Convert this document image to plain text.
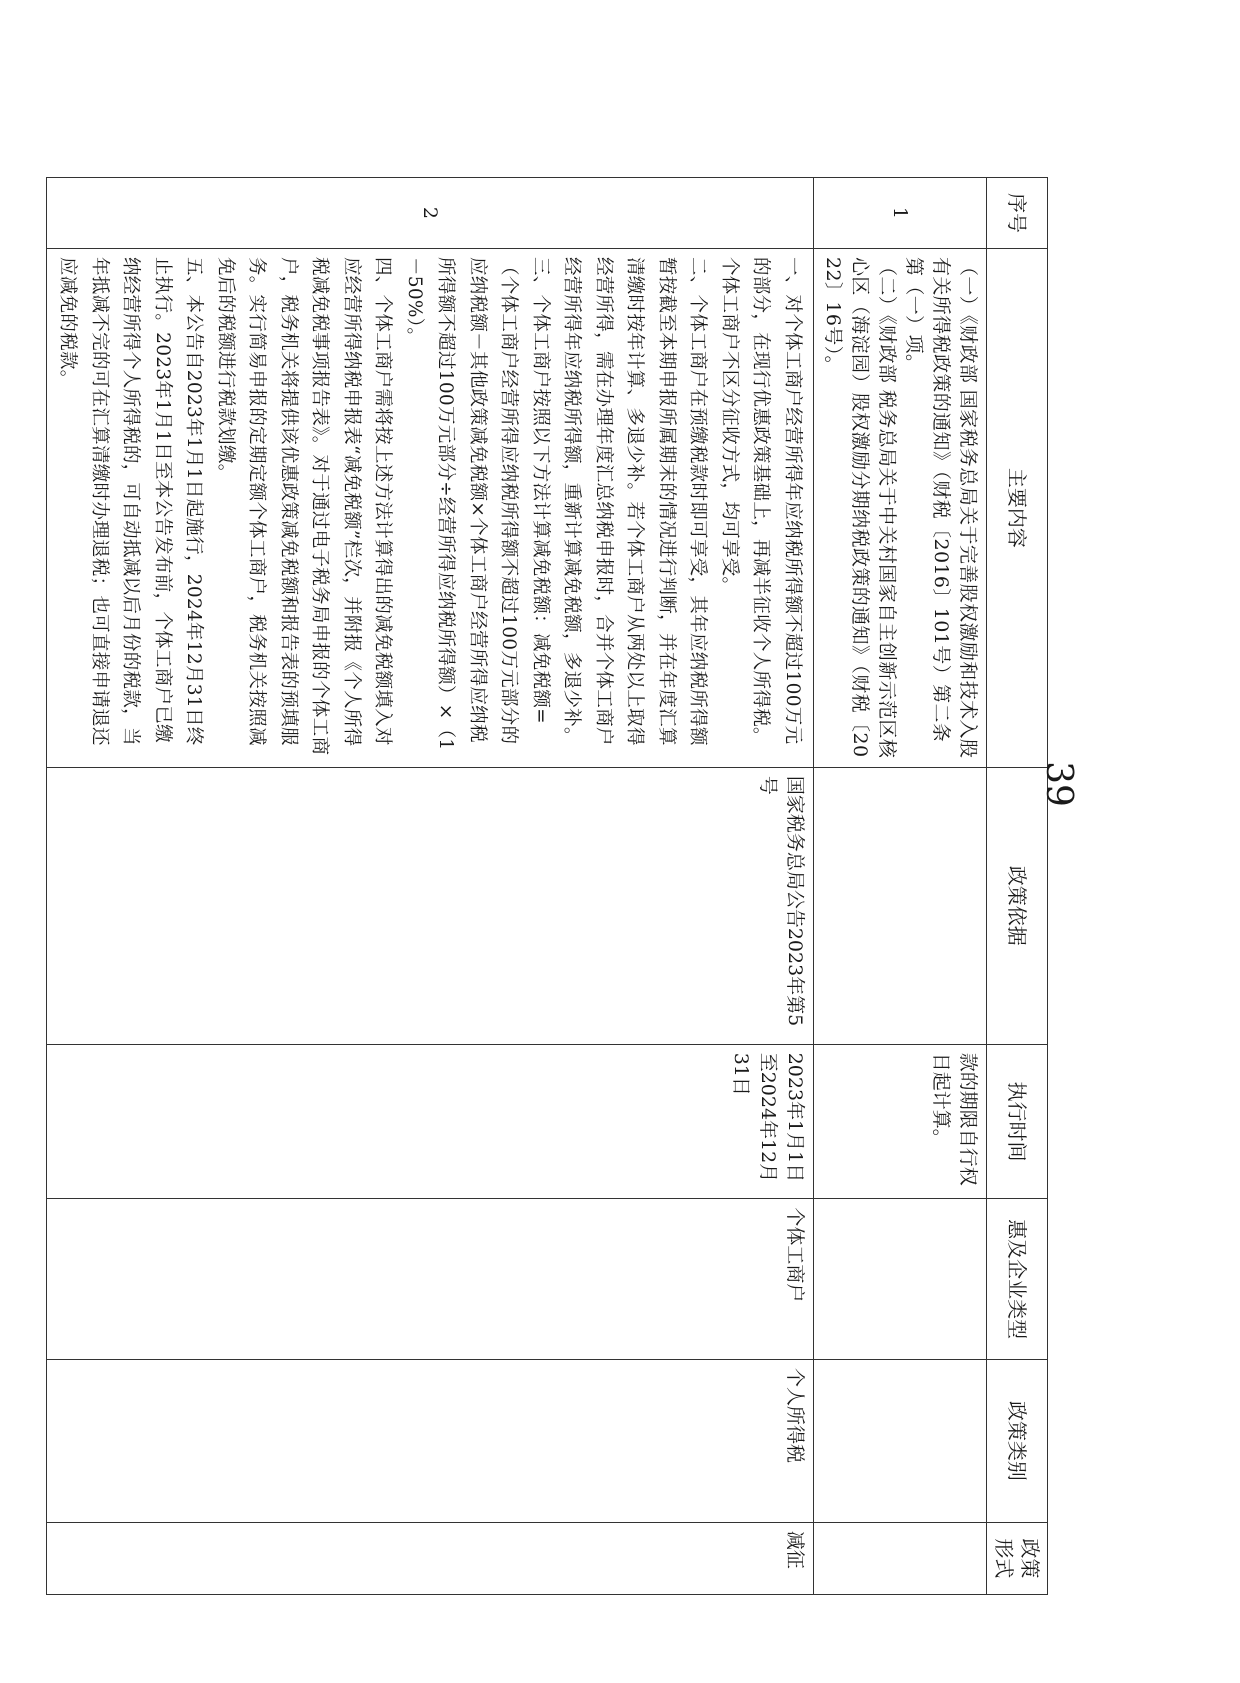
序号	主要内容	政策依据	执行时间	惠及企业类型	政策类别	政策形式
1	（一）《财政部 国家税务总局关于完善股权激励和技术入股有关所得税政策的通知》（财税〔2016〕101号）第二条第（一）项。

（二）《财政部 税务总局关于中关村国家自主创新示范区核心区（海淀园）股权激励分期纳税政策的通知》（财税〔2022〕16号）。		款的期限自行权日起计算。			
2	一、对个体工商户经营所得年应纳税所得额不超过100万元的部分，在现行优惠政策基础上，再减半征收个人所得税。个体工商户不区分征收方式，均可享受。

二、个体工商户在预缴税款时即可享受，其年应纳税所得额暂按截至本期申报所属期末的情况进行判断，并在年度汇算清缴时按年计算、多退少补。若个体工商户从两处以上取得经营所得，需在办理年度汇总纳税申报时，合并个体工商户经营所得年应纳税所得额，重新计算减免税额，多退少补。

三、个体工商户按照以下方法计算减免税额：减免税额=（个体工商户经营所得应纳税所得额不超过100万元部分的应纳税额－其他政策减免税额×个体工商户经营所得应纳税所得额不超过100万元部分÷经营所得应纳税所得额）×（1－50%）。

四、个体工商户需将按上述方法计算得出的减免税额填入对应经营所得纳税申报表“减免税额”栏次，并附报《个人所得税减免税事项报告表》。对于通过电子税务局申报的个体工商户，税务机关将提供该优惠政策减免税额和报告表的预填服务。实行简易申报的定期定额个体工商户，税务机关按照减免后的税额进行税款划缴。

五、本公告自2023年1月1日起施行，2024年12月31日终止执行。2023年1月1日至本公告发布前，个体工商户已缴纳经营所得个人所得税的，可自动抵减以后月份的税款，当年抵减不完的可在汇算清缴时办理退税；也可直接申请退还应减免的税款。	国家税务总局公告2023年第5号	2023年1月1日至2024年12月31日	个体工商户	个人所得税	减征
39
